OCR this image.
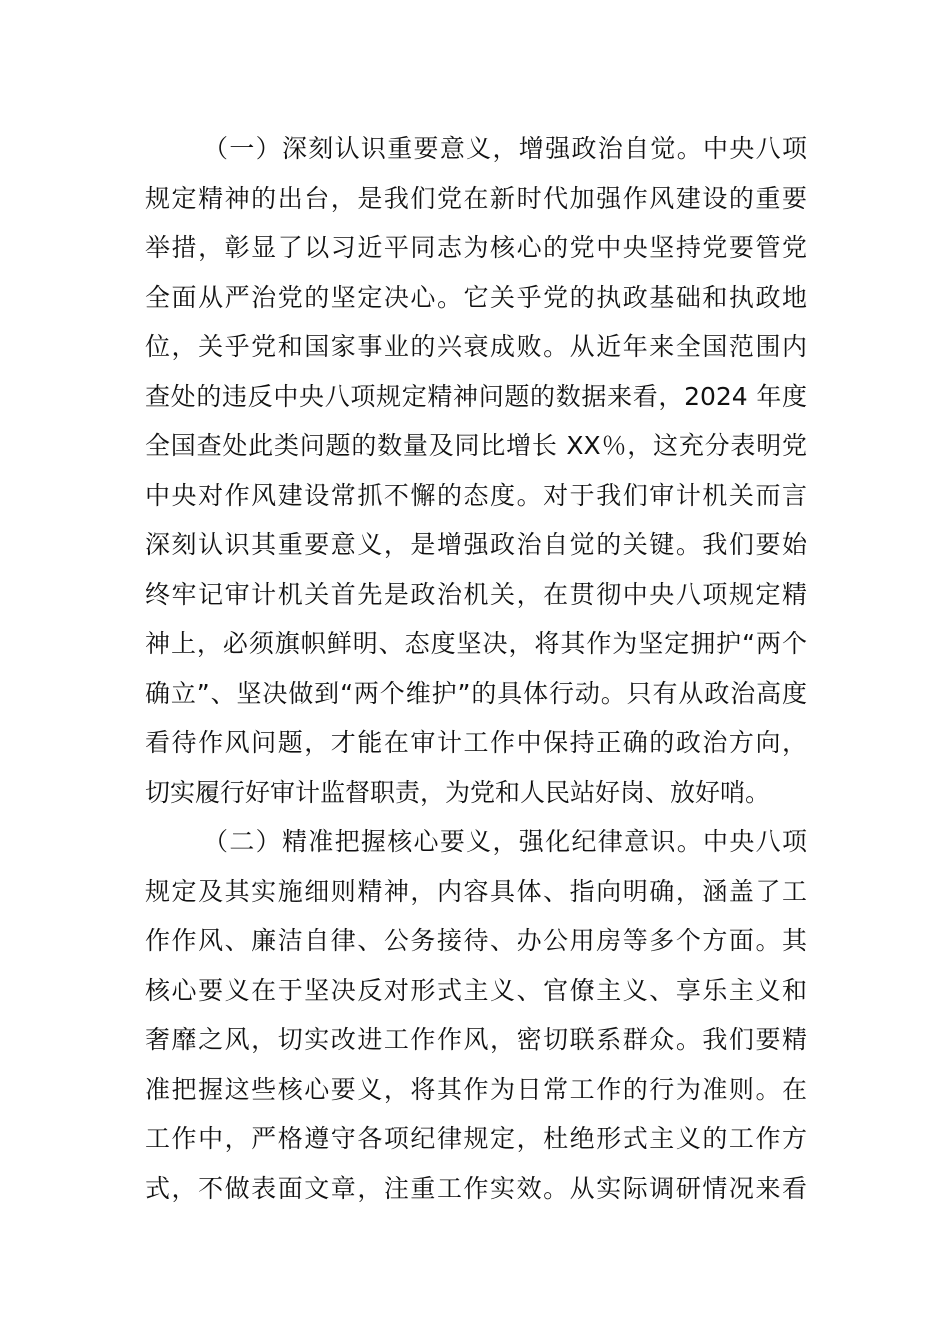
（一）深刻认识重要意义，增强政治自觉。中央八项
规定精神的出台，是我们党在新时代加强作风建设的重要
举措，彰显了以习近平同志为核心的党中央坚持党要管党
全面从严治党的坚定决心。它关乎党的执政基础和执政地
位，关乎党和国家事业的兴衰成败。从近年来全国范围内
查处的违反中央八项规定精神问题的数据来看，2024 年度
全国查处此类问题的数量及同比增长 XX％，这充分表明党
中央对作风建设常抓不懈的态度。对于我们审计机关而言
深刻认识其重要意义，是增强政治自觉的关键。我们要始
终牢记审计机关首先是政治机关，在贯彻中央八项规定精
神上，必须旗帜鲜明、态度坚决，将其作为坚定拥护“两个
确立”、坚决做到“两个维护”的具体行动。只有从政治高度
看待作风问题，才能在审计工作中保持正确的政治方向，
切实履行好审计监督职责，为党和人民站好岗、放好哨。
（二）精准把握核心要义，强化纪律意识。中央八项
规定及其实施细则精神，内容具体、指向明确，涵盖了工
作作风、廉洁自律、公务接待、办公用房等多个方面。其
核心要义在于坚决反对形式主义、官僚主义、享乐主义和
奢靡之风，切实改进工作作风，密切联系群众。我们要精
准把握这些核心要义，将其作为日常工作的行为准则。在
工作中，严格遵守各项纪律规定，杜绝形式主义的工作方
式，不做表面文章，注重工作实效。从实际调研情况来看
